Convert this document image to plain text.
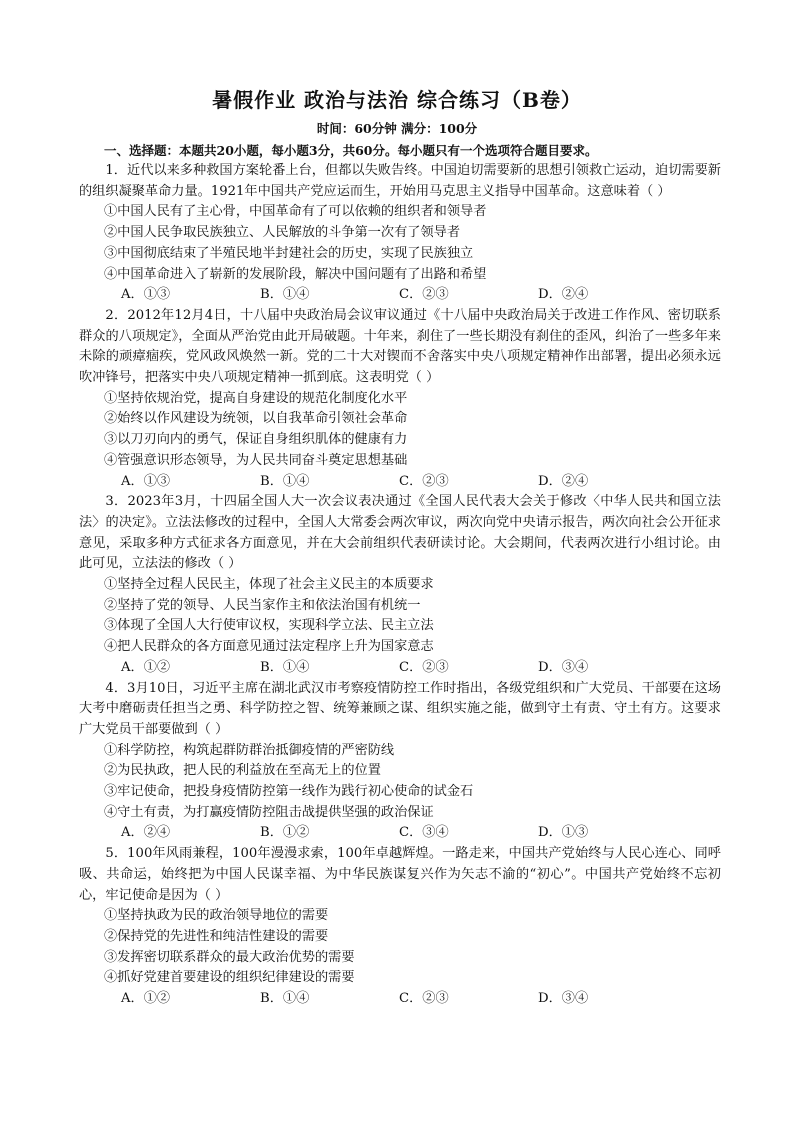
暑假作业 政治与法治 综合练习（B卷）
时间：60分钟 满分：100分
一、选择题：本题共20小题，每小题3分，共60分。每小题只有一个选项符合题目要求。

1．近代以来多种救国方案轮番上台，但都以失败告终。中国迫切需要新的思想引领救亡运动，迫切需要新的组织凝聚革命力量。1921年中国共产党应运而生，开始用马克思主义指导中国革命。这意味着（ ）

①中国人民有了主心骨，中国革命有了可以依赖的组织者和领导者
②中国人民争取民族独立、人民解放的斗争第一次有了领导者
③中国彻底结束了半殖民地半封建社会的历史，实现了民族独立
④中国革命进入了崭新的发展阶段，解决中国问题有了出路和希望
A．①③	B．①④	C．②③	D．②④

2．2012年12月4日，十八届中央政治局会议审议通过《十八届中央政治局关于改进工作作风、密切联系群众的八项规定》，全面从严治党由此开局破题。十年来，刹住了一些长期没有刹住的歪风，纠治了一些多年来未除的顽瘴痼疾，党风政风焕然一新。党的二十大对锲而不舍落实中央八项规定精神作出部署，提出必须永远吹冲锋号，把落实中央八项规定精神一抓到底。这表明党（ ）

①坚持依规治党，提高自身建设的规范化制度化水平
②始终以作风建设为统领，以自我革命引领社会革命
③以刀刃向内的勇气，保证自身组织肌体的健康有力
④管强意识形态领导，为人民共同奋斗奠定思想基础
A．①③	B．①④	C．②③	D．②④

3．2023年3月，十四届全国人大一次会议表决通过《全国人民代表大会关于修改〈中华人民共和国立法法〉的决定》。立法法修改的过程中，全国人大常委会两次审议，两次向党中央请示报告，两次向社会公开征求意见，采取多种方式征求各方面意见，并在大会前组织代表研读讨论。大会期间，代表两次进行小组讨论。由此可见，立法法的修改（ ）

①坚持全过程人民民主，体现了社会主义民主的本质要求
②坚持了党的领导、人民当家作主和依法治国有机统一
③体现了全国人大行使审议权，实现科学立法、民主立法
④把人民群众的各方面意见通过法定程序上升为国家意志
A．①②	B．①④	C．②③	D．③④

4．3月10日，习近平主席在湖北武汉市考察疫情防控工作时指出，各级党组织和广大党员、干部要在这场大考中磨砺责任担当之勇、科学防控之智、统筹兼顾之谋、组织实施之能，做到守土有责、守土有方。这要求广大党员干部要做到（ ）

①科学防控，构筑起群防群治抵御疫情的严密防线
②为民执政，把人民的利益放在至高无上的位置
③牢记使命，把投身疫情防控第一线作为践行初心使命的试金石
④守土有责，为打赢疫情防控阻击战提供坚强的政治保证
A．②④	B．①②	C．③④	D．①③

5．100年风雨兼程，100年漫漫求索，100年卓越辉煌。一路走来，中国共产党始终与人民心连心、同呼吸、共命运，始终把为中国人民谋幸福、为中华民族谋复兴作为矢志不渝的“初心”。中国共产党始终不忘初心，牢记使命是因为（ ）

①坚持执政为民的政治领导地位的需要
②保持党的先进性和纯洁性建设的需要
③发挥密切联系群众的最大政治优势的需要
④抓好党建首要建设的组织纪律建设的需要
A．①②	B．①④	C．②③	D．③④
